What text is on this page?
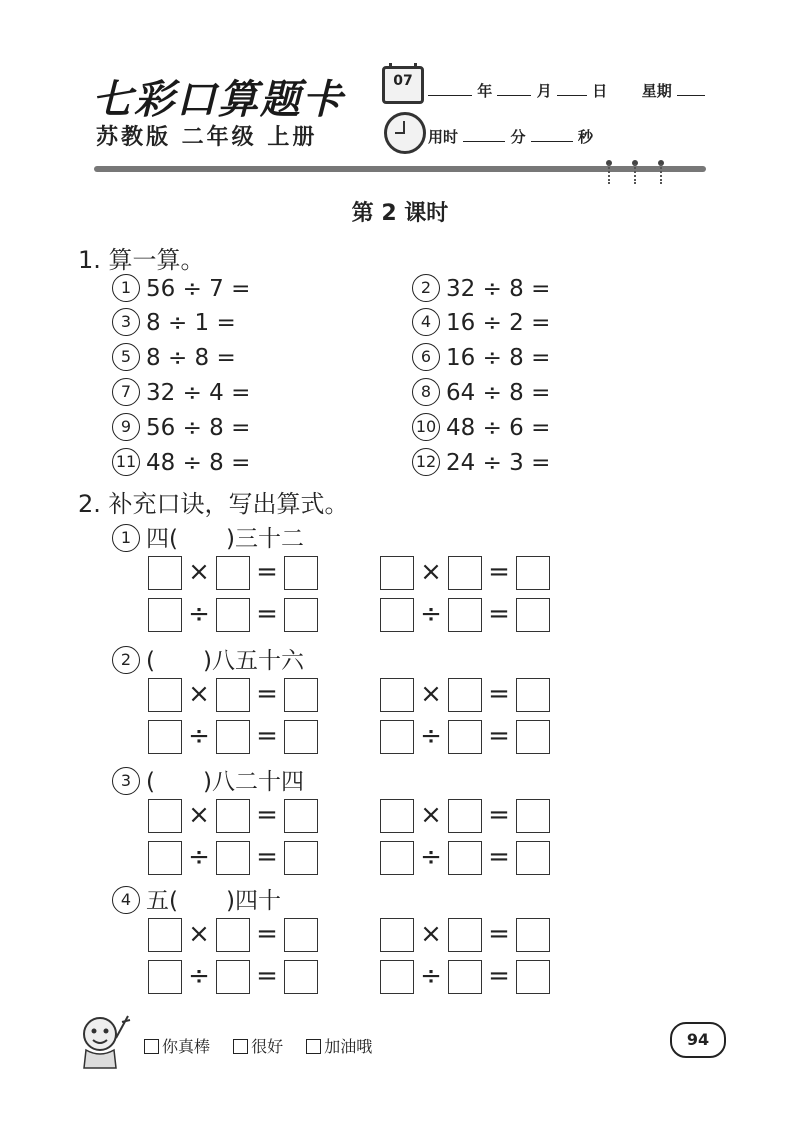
七彩口算题卡
苏教版 二年级 上册
07
年	月	日 星期
用时	分	秒
第 2 课时
1. 算一算。
1 56 ÷ 7 =	2 32 ÷ 8 =
3 8 ÷ 1 =	4 16 ÷ 2 =
5 8 ÷ 8 =	6 16 ÷ 8 =
7 32 ÷ 4 =	8 64 ÷ 8 =
9 56 ÷ 8 =	10 48 ÷ 6 =
11 48 ÷ 8 =	12 24 ÷ 3 =
2. 补充口诀，写出算式。
1 四( )三十二
× =	× =
÷ =	÷ =
2 ( )八五十六
× =	× =
÷ =	÷ =
3 ( )八二十四
× =	× =
÷ =	÷ =
4 五( )四十
× =	× =
÷ =	÷ =
你真棒	很好	加油哦	94
